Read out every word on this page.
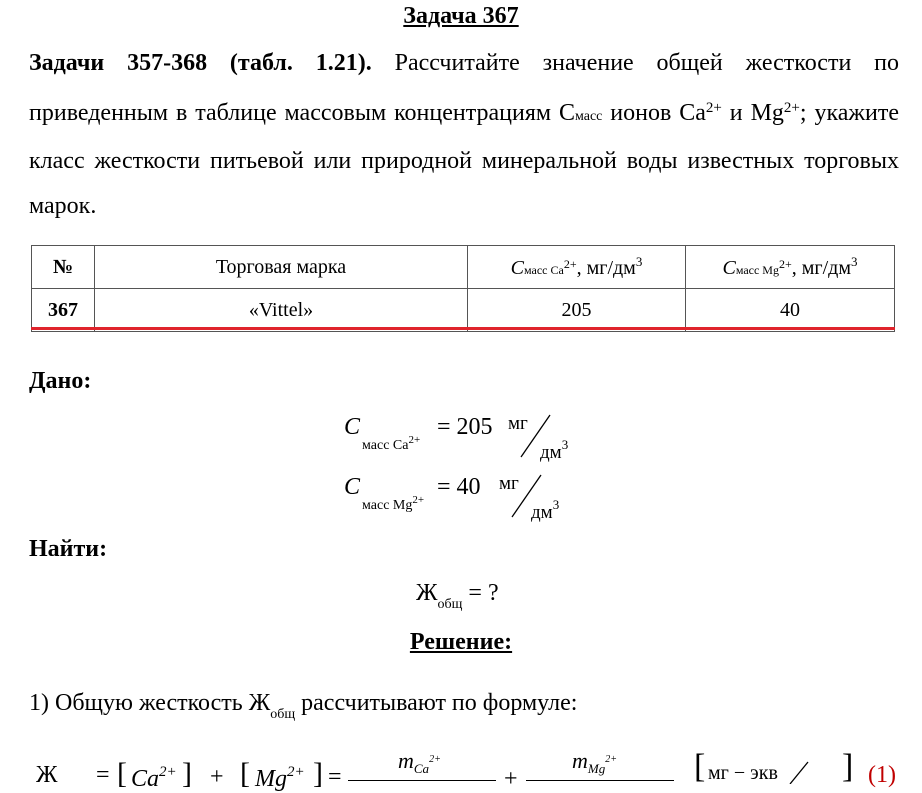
Задача 367
Задачи 357-368 (табл. 1.21). Рассчитайте значение общей жесткости по приведенным в таблице массовым концентрациям Смасс ионов $Ca^{2+}$ и $Mg^{2+}$; укажите класс жесткости питьевой или природной минеральной воды известных торговых марок.
№	Торговая марка	Cмасс $Ca^{2+}$, $мг/дм^3$	Cмасс $Mg^{2+}$, $мг/дм^3$
367	«Vittel»	205	40
Дано:
C
масс $Ca^{2+} = 205$ мг
$дм^3$
C
масс $Mg^{2+} = 40$ мг
$дм^3$
Найти:
$Ж_{общ}$ = ?
Решение:
1) Общую жесткость $Ж_{общ}$ рассчитывают по формуле:
Ж = [ $Ca^{2+}$ ] + [ $Mg^{2+}$ ] =
$m_{Ca}^{2+}$
+
$m_{Mg}^{2+}$ [ мг − экв ] (1)
